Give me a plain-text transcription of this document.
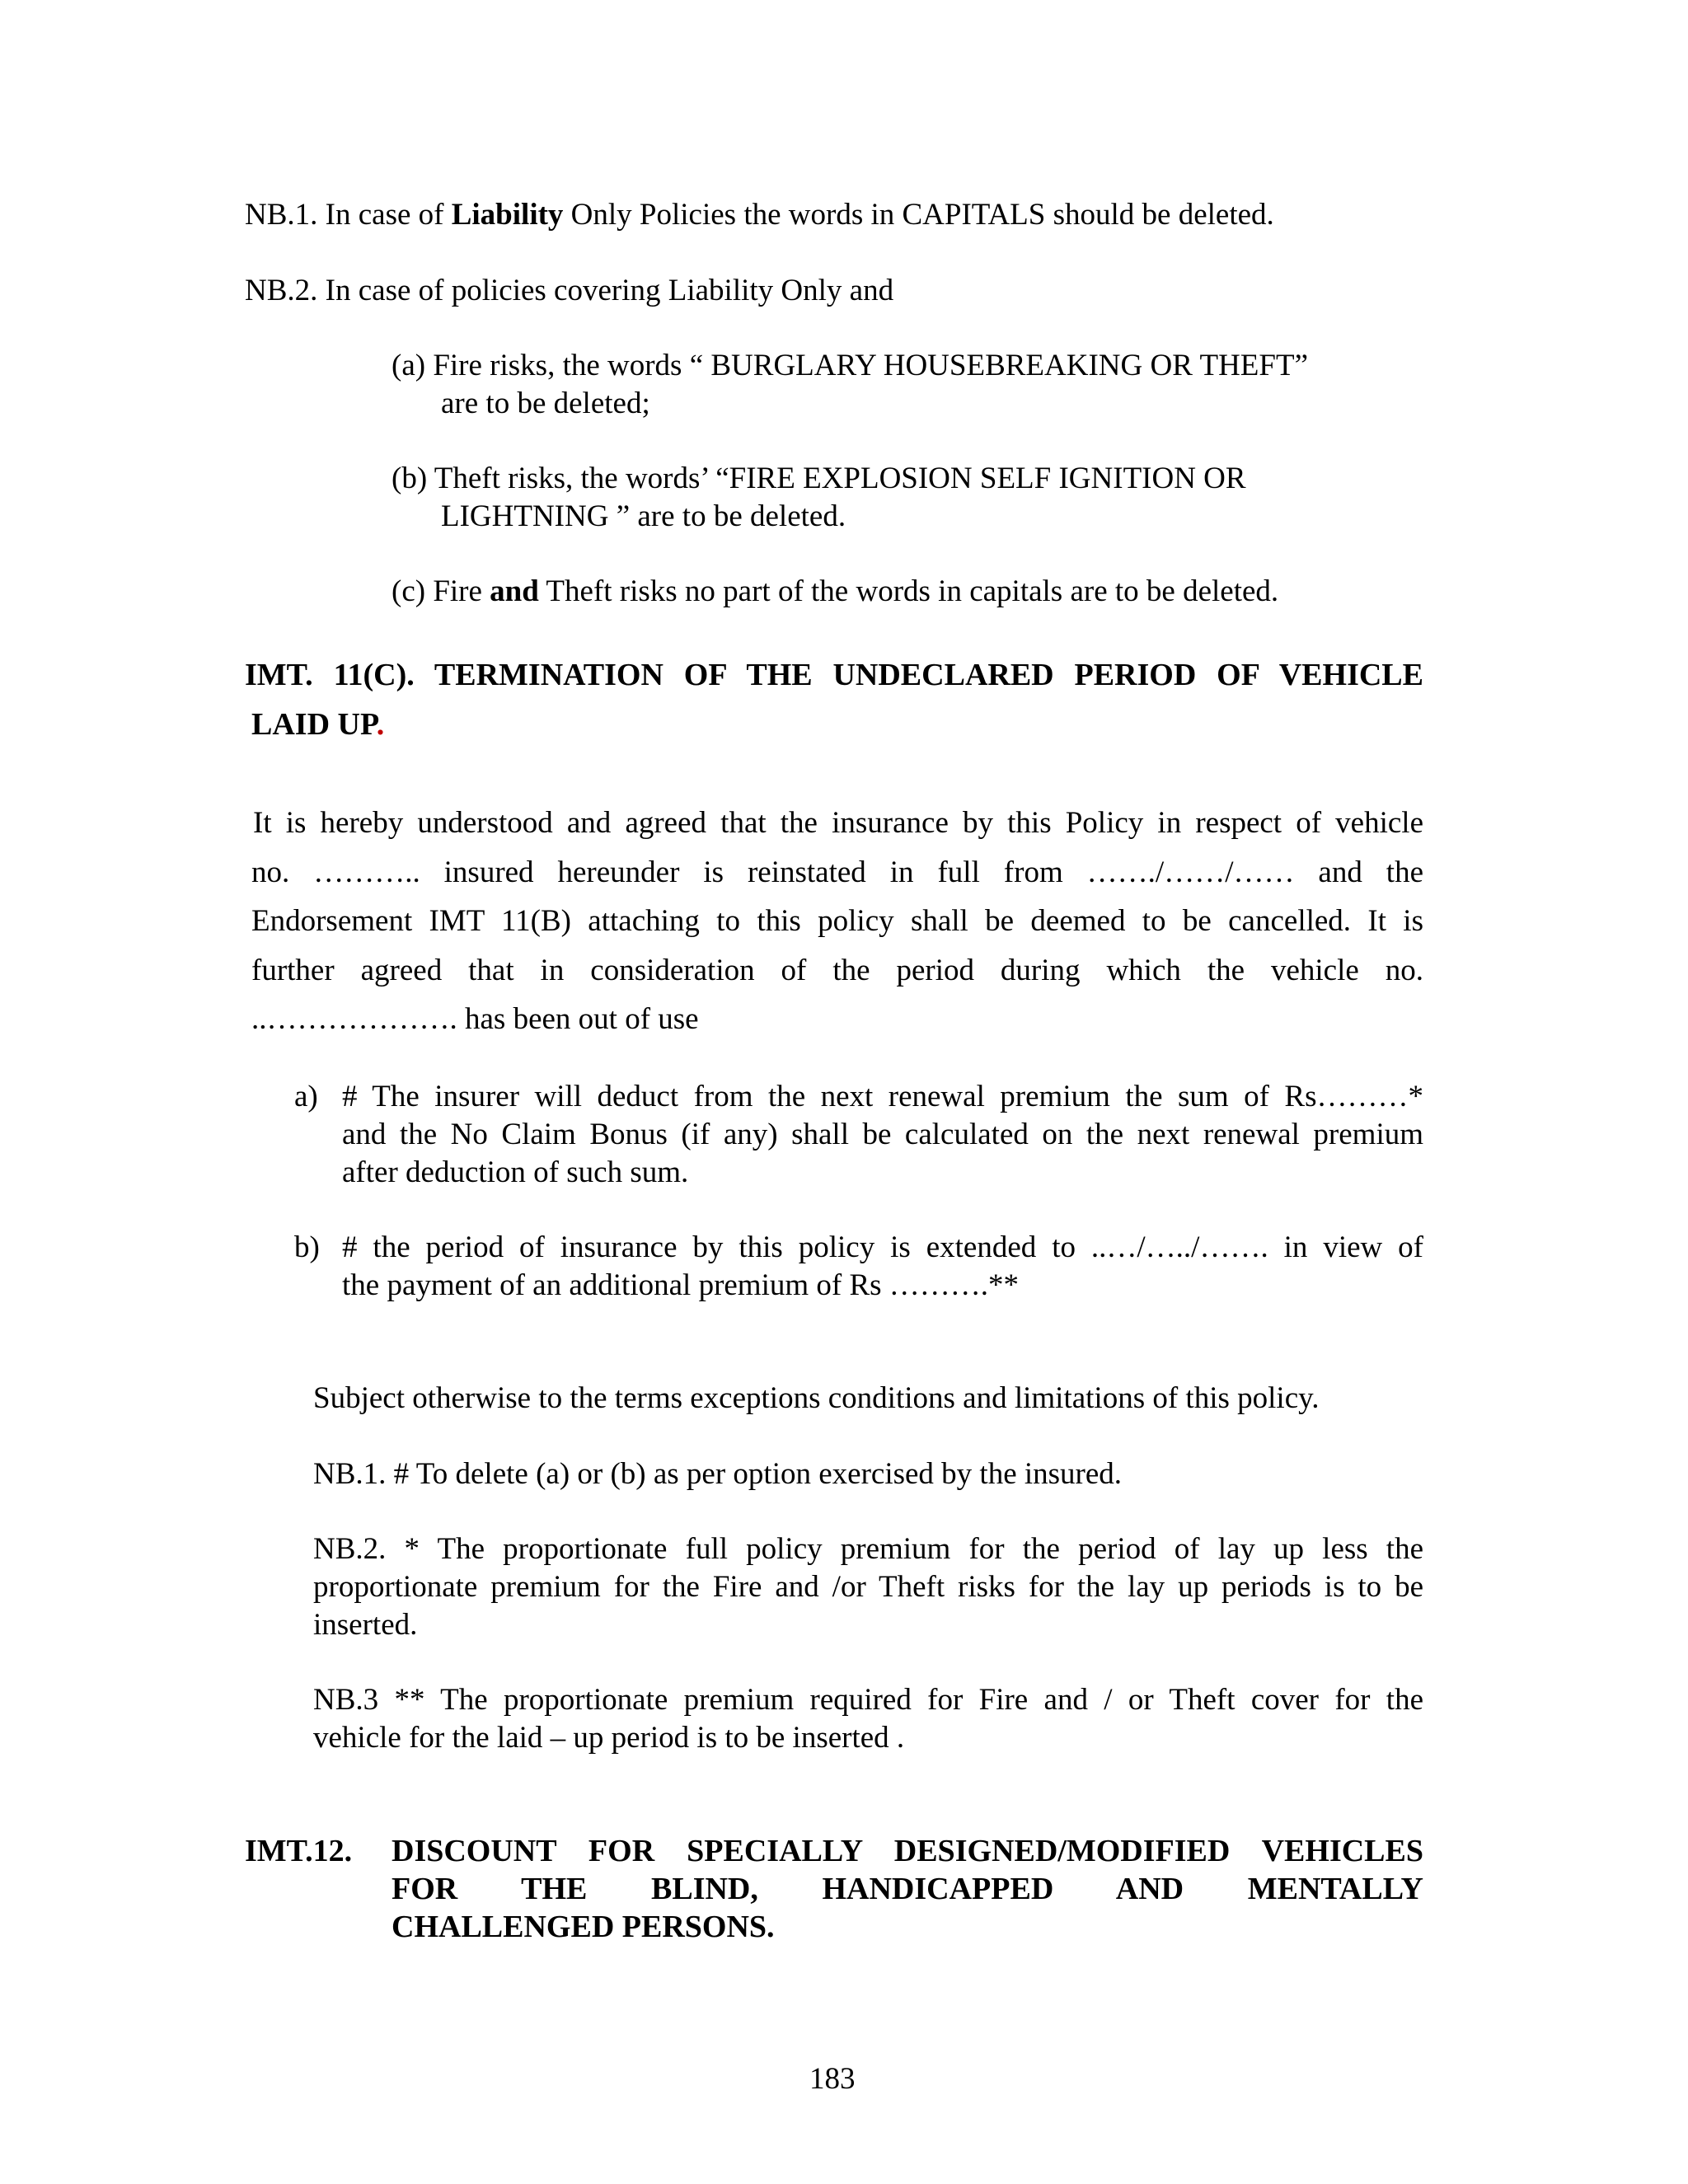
NB.1. In case of Liability Only Policies the words in CAPITALS should be deleted.
NB.2. In case of policies covering Liability Only and
(a) Fire risks, the words “ BURGLARY HOUSEBREAKING OR THEFT”
are to be deleted;
(b) Theft risks, the words’ “FIRE EXPLOSION SELF IGNITION OR
LIGHTNING ” are to be deleted.
(c) Fire and Theft risks no part of the words in capitals are to be deleted.
IMT. 11(C). TERMINATION OF THE UNDECLARED PERIOD OF VEHICLE
LAID UP.
It is hereby understood and agreed that the insurance by this Policy in respect of vehicle
no. ……….. insured hereunder is reinstated in full from ……./……/…… and the
Endorsement IMT 11(B) attaching to this policy shall be deemed to be cancelled. It is
further agreed that in consideration of the period during which the vehicle no.
..………………. has been out of use
a) # The insurer will deduct from the next renewal premium the sum of Rs………*
and the No Claim Bonus (if any) shall be calculated on the next renewal premium
after deduction of such sum.
b) # the period of insurance by this policy is extended to ..…/…../……. in view of
the payment of an additional premium of Rs ……….**
Subject otherwise to the terms exceptions conditions and limitations of this policy.
NB.1. # To delete (a) or (b) as per option exercised by the insured.
NB.2. * The proportionate full policy premium for the period of lay up less the
proportionate premium for the Fire and /or Theft risks for the lay up periods is to be
inserted.
NB.3 ** The proportionate premium required for Fire and / or Theft cover for the
vehicle for the laid – up period is to be inserted .
IMT.12. DISCOUNT FOR SPECIALLY DESIGNED/MODIFIED VEHICLES
FOR THE BLIND, HANDICAPPED AND MENTALLY
CHALLENGED PERSONS.
183
